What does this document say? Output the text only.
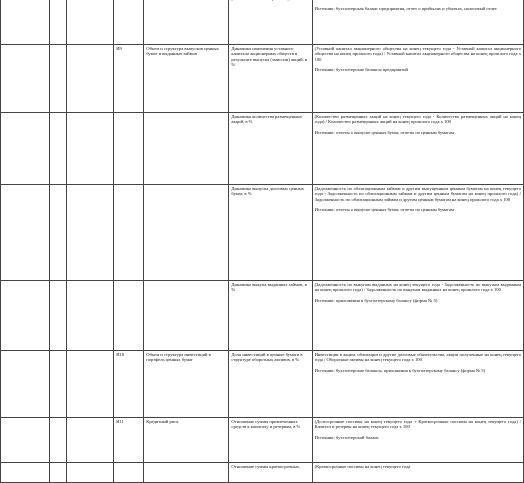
Источник: бухгалтерская баланс предприятия, отчет о прибылях и убытках, налоговый отчет

			И9	Объем и структура выпусков ценных бумаг и выданных займов	Динамика изменения уставного капитала акционерных обществ в результате выпуска (эмиссии) акций, в %	(Уставной капитал акционерного общества на конец текущего года - Уставной капитал акционерного общества на конец прошлого года) / Уставной капитал акционерного общества на конец прошлого года х 100

Источник: бухгалтерские балансы предприятий

					Динамика количества размещенных акций, в %	(Количество размещенных акций на конец текущего года - Количество размещенных акций на конец года) / Количество размещенных акций на конец прошлого года х 100

Источник: отчеты о выпуске ценных бумаг, отчеты по ценным бумагам

					Динамика выпуска долговых ценных бумаг, в %	(Задолженность по облигационным займам и другим выпущенным ценным бумагам на конец текущего года - Задолженность по облигационным займам и другим ценным бумагам на конец прошлого года) / Задолженность по облигационным займам и другим ценным бумагам на конец прошлого года х 100

Источник: отчеты о выпуске ценных бумаг, отчеты по ценным бумагам

					Динамика выкупа выданных займов, в %	(Задолженность по выкупам выданных на конец текущего года - Задолженность по выкупам выданным на конец прошлого года) / Задолженность по выкупам выданных на конец прошлого года х 100

Источник: приложения к бухгалтерскому балансу (форма № 5)

			И10	Объем и структура инвестиций в портфель ценных бумаг	Доля инвестиций в ценные бумаги в структуре оборотных активов, в %	Инвестиции в акции, облигации и другие долговые обязательства, акции полученные на конец текущего года / Оборотные активы на конец текущего года х 100

Источник: бухгалтерские балансы, приложения к бухгалтерскому балансу (форма № 5)

			И11	Кредитный риск	Отношение суммы привлеченных средств к капиталу и резервам, в %	(Долгосрочные пассивы на конец текущего года + Краткосрочные пассивы на конец текущего года) / Капитал и резервы на конец текущего года х 100

Источник: бухгалтерский баланс

					Отношение суммы краткосрочных,	(Краткосрочные пассивы на конец текущего года
